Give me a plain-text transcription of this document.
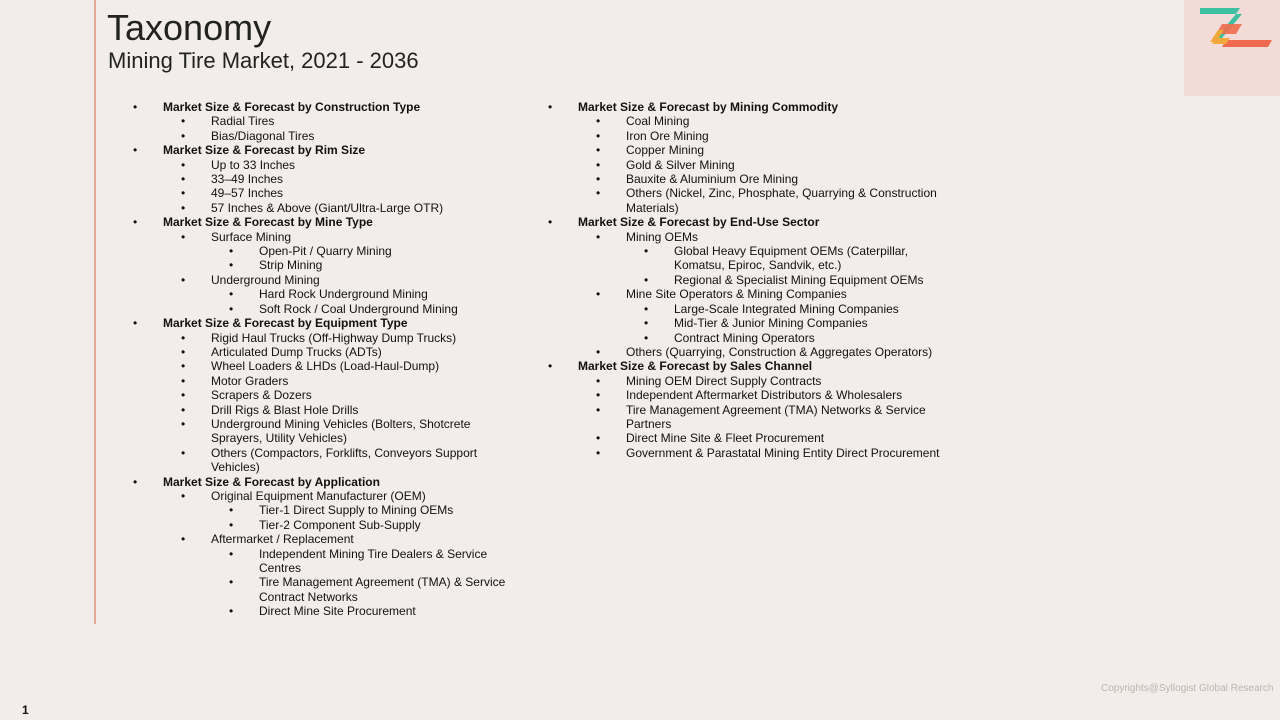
Taxonomy
Mining Tire Market, 2021 - 2036
• Market Size & Forecast by Construction Type
• Radial Tires
• Bias/Diagonal Tires
• Market Size & Forecast by Rim Size
• Up to 33 Inches
• 33–49 Inches
• 49–57 Inches
• 57 Inches & Above (Giant/Ultra-Large OTR)
• Market Size & Forecast by Mine Type
• Surface Mining
• Open-Pit / Quarry Mining
• Strip Mining
• Underground Mining
• Hard Rock Underground Mining
• Soft Rock / Coal Underground Mining
• Market Size & Forecast by Equipment Type
• Rigid Haul Trucks (Off-Highway Dump Trucks)
• Articulated Dump Trucks (ADTs)
• Wheel Loaders & LHDs (Load-Haul-Dump)
• Motor Graders
• Scrapers & Dozers
• Drill Rigs & Blast Hole Drills
• Underground Mining Vehicles (Bolters, Shotcrete Sprayers, Utility Vehicles)
• Others (Compactors, Forklifts, Conveyors Support Vehicles)
• Market Size & Forecast by Application
• Original Equipment Manufacturer (OEM)
• Tier-1 Direct Supply to Mining OEMs
• Tier-2 Component Sub-Supply
• Aftermarket / Replacement
• Independent Mining Tire Dealers & Service Centres
• Tire Management Agreement (TMA) & Service Contract Networks
• Direct Mine Site Procurement
• Market Size & Forecast by Mining Commodity
• Coal Mining
• Iron Ore Mining
• Copper Mining
• Gold & Silver Mining
• Bauxite & Aluminium Ore Mining
• Others (Nickel, Zinc, Phosphate, Quarrying & Construction Materials)
• Market Size & Forecast by End-Use Sector
• Mining OEMs
• Global Heavy Equipment OEMs (Caterpillar, Komatsu, Epiroc, Sandvik, etc.)
• Regional & Specialist Mining Equipment OEMs
• Mine Site Operators & Mining Companies
• Large-Scale Integrated Mining Companies
• Mid-Tier & Junior Mining Companies
• Contract Mining Operators
• Others (Quarrying, Construction & Aggregates Operators)
• Market Size & Forecast by Sales Channel
• Mining OEM Direct Supply Contracts
• Independent Aftermarket Distributors & Wholesalers
• Tire Management Agreement (TMA) Networks & Service Partners
• Direct Mine Site & Fleet Procurement
• Government & Parastatal Mining Entity Direct Procurement
Copyrights@Syllogist Global Research
1
